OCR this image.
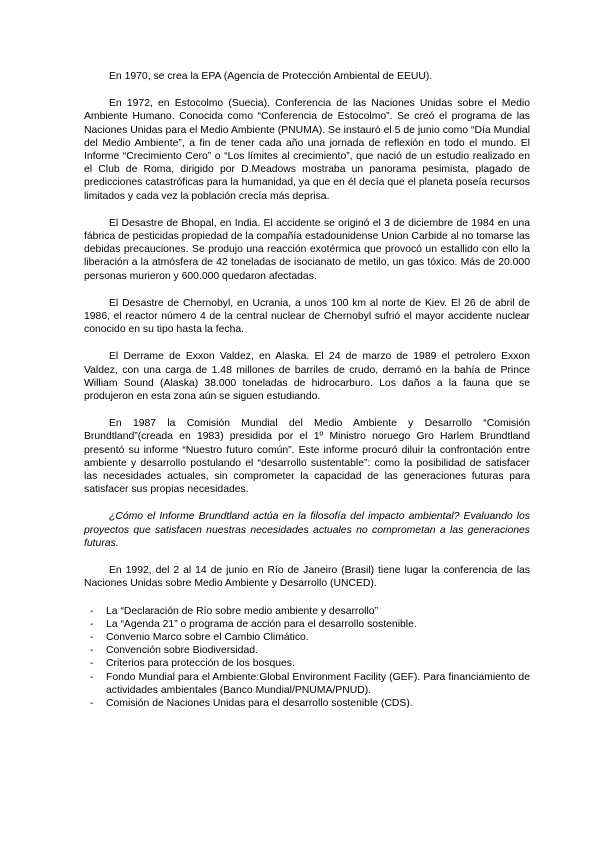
En 1970, se crea la EPA (Agencia de Protección Ambiental de EEUU).

En 1972, en Estocolmo (Suecia). Conferencia de las Naciones Unidas sobre el Medio Ambiente Humano. Conocida como “Conferencia de Estocolmo”. Se creó el programa de las Naciones Unidas para el Medio Ambiente (PNUMA). Se instauró el 5 de junio como “Día Mundial del Medio Ambiente”, a fin de tener cada año una jornada de reflexión en todo el mundo. El Informe “Crecimiento Cero” o “Los límites al crecimiento”, que nació de un estudio realizado en el Club de Roma, dirigido por D.Meadows mostraba un panorama pesimista, plagado de predicciones catastróficas para la humanidad, ya que en él decía que el planeta poseía recursos limitados y cada vez la población crecía más deprisa.

El Desastre de Bhopal, en India. El accidente se originó el 3 de diciembre de 1984 en una fábrica de pesticidas propiedad de la compañía estadounidense Union Carbide al no tomarse las debidas precauciones. Se produjo una reacción exotérmica que provocó un estallido con ello la liberación a la atmósfera de 42 toneladas de isocianato de metilo, un gas tóxico. Más de 20.000 personas murieron y 600.000 quedaron afectadas.

El Desastre de Chernobyl, en Ucrania, a unos 100 km al norte de Kiev. El 26 de abril de 1986, el reactor número 4 de la central nuclear de Chernobyl sufrió el mayor accidente nuclear conocido en su tipo hasta la fecha.

El Derrame de Exxon Valdez, en Alaska. El 24 de marzo de 1989 el petrolero Exxon Valdez, con una carga de 1.48 millones de barriles de crudo, derramó en la bahía de Prince William Sound (Alaska) 38.000 toneladas de hidrocarburo. Los daños a la fauna que se produjeron en esta zona aún se siguen estudiando.

En 1987 la Comisión Mundial del Medio Ambiente y Desarrollo “Comisión Brundtland”(creada en 1983) presidida por el 1º Ministro noruego Gro Harlem Brundtland presentó su informe “Nuestro futuro común”. Este informe procuró diluir la confrontación entre ambiente y desarrollo postulando el “desarrollo sustentable”: como la posibilidad de satisfacer las necesidades actuales, sin comprometer la capacidad de las generaciones futuras para satisfacer sus propias necesidades.

¿Cómo el Informe Brundtland actúa en la filosofía del impacto ambiental? Evaluando los proyectos que satisfacen nuestras necesidades actuales no comprometan a las generaciones futuras.

En 1992, del 2 al 14 de junio en Río de Janeiro (Brasil) tiene lugar la conferencia de las Naciones Unidas sobre Medio Ambiente y Desarrollo (UNCED).

- La “Declaración de Río sobre medio ambiente y desarrollo”
- La “Agenda 21” o programa de acción para el desarrollo sostenible.
- Convenio Marco sobre el Cambio Climático.
- Convención sobre Biodiversidad.
- Criterios para protección de los bosques.
- Fondo Mundial para el Ambiente:Global Environment Facility (GEF). Para financiamiento de actividades ambientales (Banco Mundial/PNUMA/PNUD).
- Comisión de Naciones Unidas para el desarrollo sostenible (CDS).
